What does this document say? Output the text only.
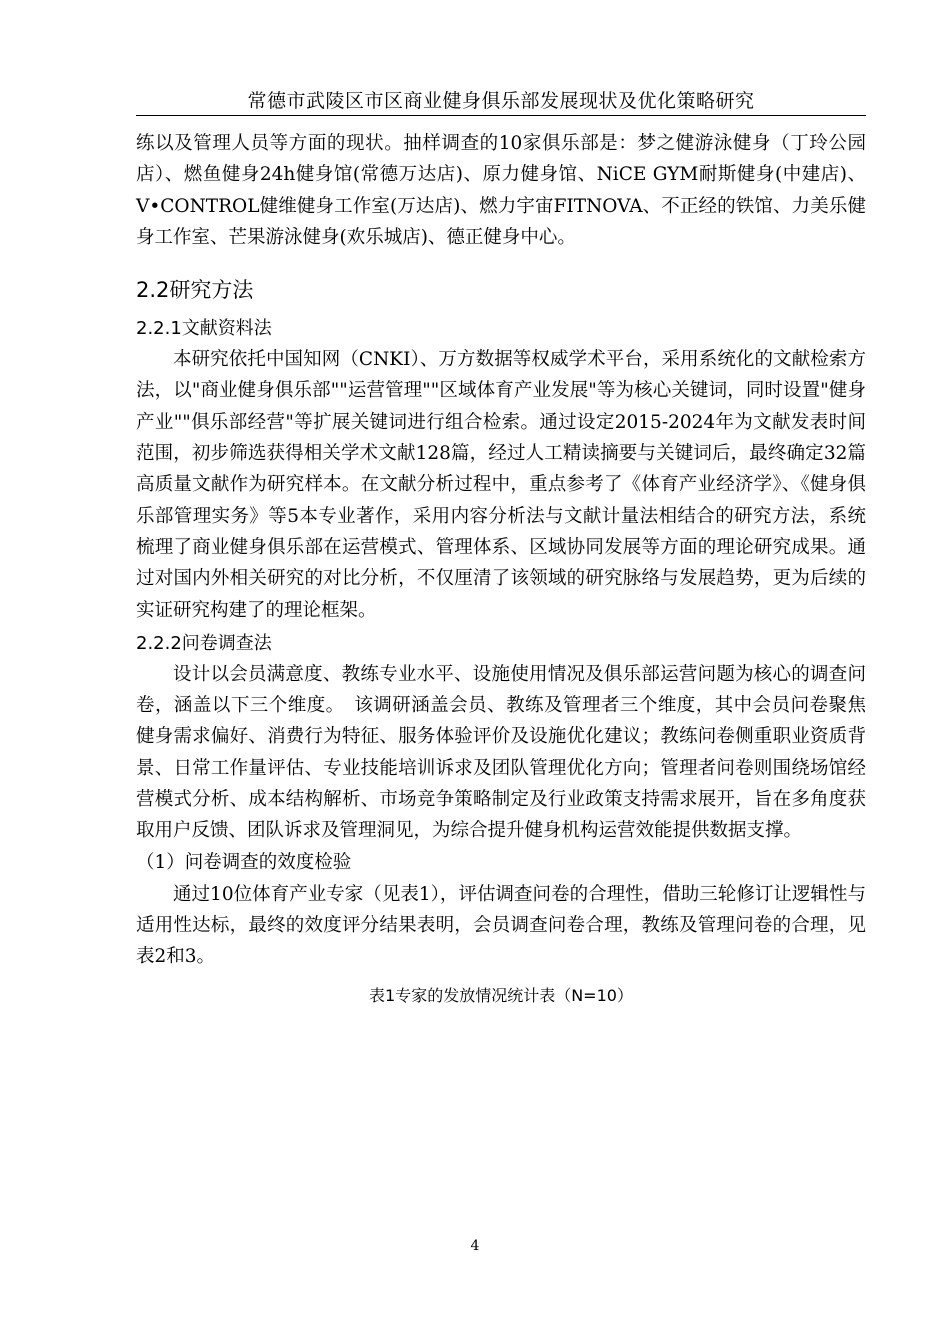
常德市武陵区市区商业健身俱乐部发展现状及优化策略研究

练以及管理人员等方面的现状。抽样调查的10家俱乐部是：梦之健游泳健身（丁玲公园店）、燃鱼健身24h健身馆(常德万达店)、原力健身馆、NiCE GYM耐斯健身(中建店)、V•CONTROL健维健身工作室(万达店)、燃力宇宙FITNOVA、不正经的铁馆、力美乐健身工作室、芒果游泳健身(欢乐城店)、德正健身中心。

2.2研究方法
2.2.1文献资料法

本研究依托中国知网（CNKI）、万方数据等权威学术平台，采用系统化的文献检索方法，以"商业健身俱乐部""运营管理""区域体育产业发展"等为核心关键词，同时设置"健身产业""俱乐部经营"等扩展关键词进行组合检索。通过设定2015-2024年为文献发表时间范围，初步筛选获得相关学术文献128篇，经过人工精读摘要与关键词后，最终确定32篇高质量文献作为研究样本。在文献分析过程中，重点参考了《体育产业经济学》、《健身俱乐部管理实务》等5本专业著作，采用内容分析法与文献计量法相结合的研究方法，系统梳理了商业健身俱乐部在运营模式、管理体系、区域协同发展等方面的理论研究成果。通过对国内外相关研究的对比分析，不仅厘清了该领域的研究脉络与发展趋势，更为后续的实证研究构建了的理论框架。

2.2.2问卷调查法

设计以会员满意度、教练专业水平、设施使用情况及俱乐部运营问题为核心的调查问卷，涵盖以下三个维度。　该调研涵盖会员、教练及管理者三个维度，其中会员问卷聚焦健身需求偏好、消费行为特征、服务体验评价及设施优化建议；教练问卷侧重职业资质背景、日常工作量评估、专业技能培训诉求及团队管理优化方向；管理者问卷则围绕场馆经营模式分析、成本结构解析、市场竞争策略制定及行业政策支持需求展开，旨在多角度获取用户反馈、团队诉求及管理洞见，为综合提升健身机构运营效能提供数据支撑。

（1）问卷调查的效度检验

通过10位体育产业专家（见表1），评估调查问卷的合理性，借助三轮修订让逻辑性与适用性达标，最终的效度评分结果表明，会员调查问卷合理，教练及管理问卷的合理，见表2和3。

表1专家的发放情况统计表（N=10）
4
